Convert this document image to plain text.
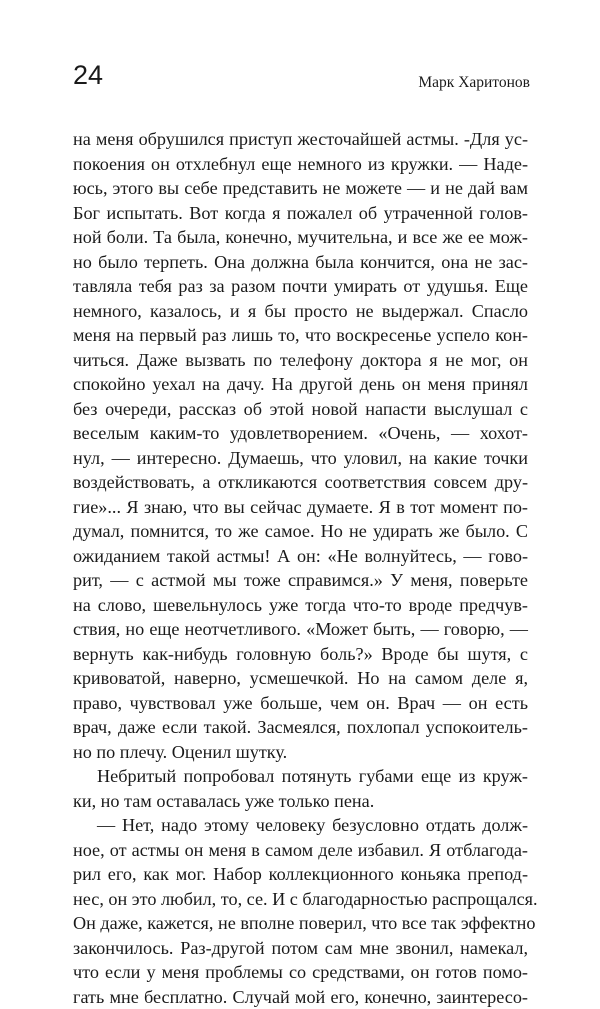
24	Марк Харитонов
на меня обрушился приступ жесточайшей астмы. -Для ус-
покоения он отхлебнул еще немного из кружки. — Наде-
юсь, этого вы себе представить не можете — и не дай вам
Бог испытать. Вот когда я пожалел об утраченной голов-
ной боли. Та была, конечно, мучительна, и все же ее мож-
но было терпеть. Она должна была кончится, она не зас-
тавляла тебя раз за разом почти умирать от удушья. Еще
немного, казалось, и я бы просто не выдержал. Спасло
меня на первый раз лишь то, что воскресенье успело кон-
читься. Даже вызвать по телефону доктора я не мог, он
спокойно уехал на дачу. На другой день он меня принял
без очереди, рассказ об этой новой напасти выслушал с
веселым каким-то удовлетворением. «Очень, — хохот-
нул, — интересно. Думаешь, что уловил, на какие точки
воздействовать, а откликаются соответствия совсем дру-
гие»... Я знаю, что вы сейчас думаете. Я в тот момент по-
думал, помнится, то же самое. Но не удирать же было. С
ожиданием такой астмы! А он: «Не волнуйтесь, — гово-
рит, — с астмой мы тоже справимся.» У меня, поверьте
на слово, шевельнулось уже тогда что-то вроде предчув-
ствия, но еще неотчетливого. «Может быть, — говорю, —
вернуть как-нибудь головную боль?» Вроде бы шутя, с
кривоватой, наверно, усмешечкой. Но на самом деле я,
право, чувствовал уже больше, чем он. Врач — он есть
врач, даже если такой. Засмеялся, похлопал успокоитель-
но по плечу. Оценил шутку.
Небритый попробовал потянуть губами еще из круж-
ки, но там оставалась уже только пена.
— Нет, надо этому человеку безусловно отдать долж-
ное, от астмы он меня в самом деле избавил. Я отблагода-
рил его, как мог. Набор коллекционного коньяка препод-
нес, он это любил, то, се. И с благодарностью распрощался.
Он даже, кажется, не вполне поверил, что все так эффектно
закончилось. Раз-другой потом сам мне звонил, намекал,
что если у меня проблемы со средствами, он готов помо-
гать мне бесплатно. Случай мой его, конечно, заинтересо-
